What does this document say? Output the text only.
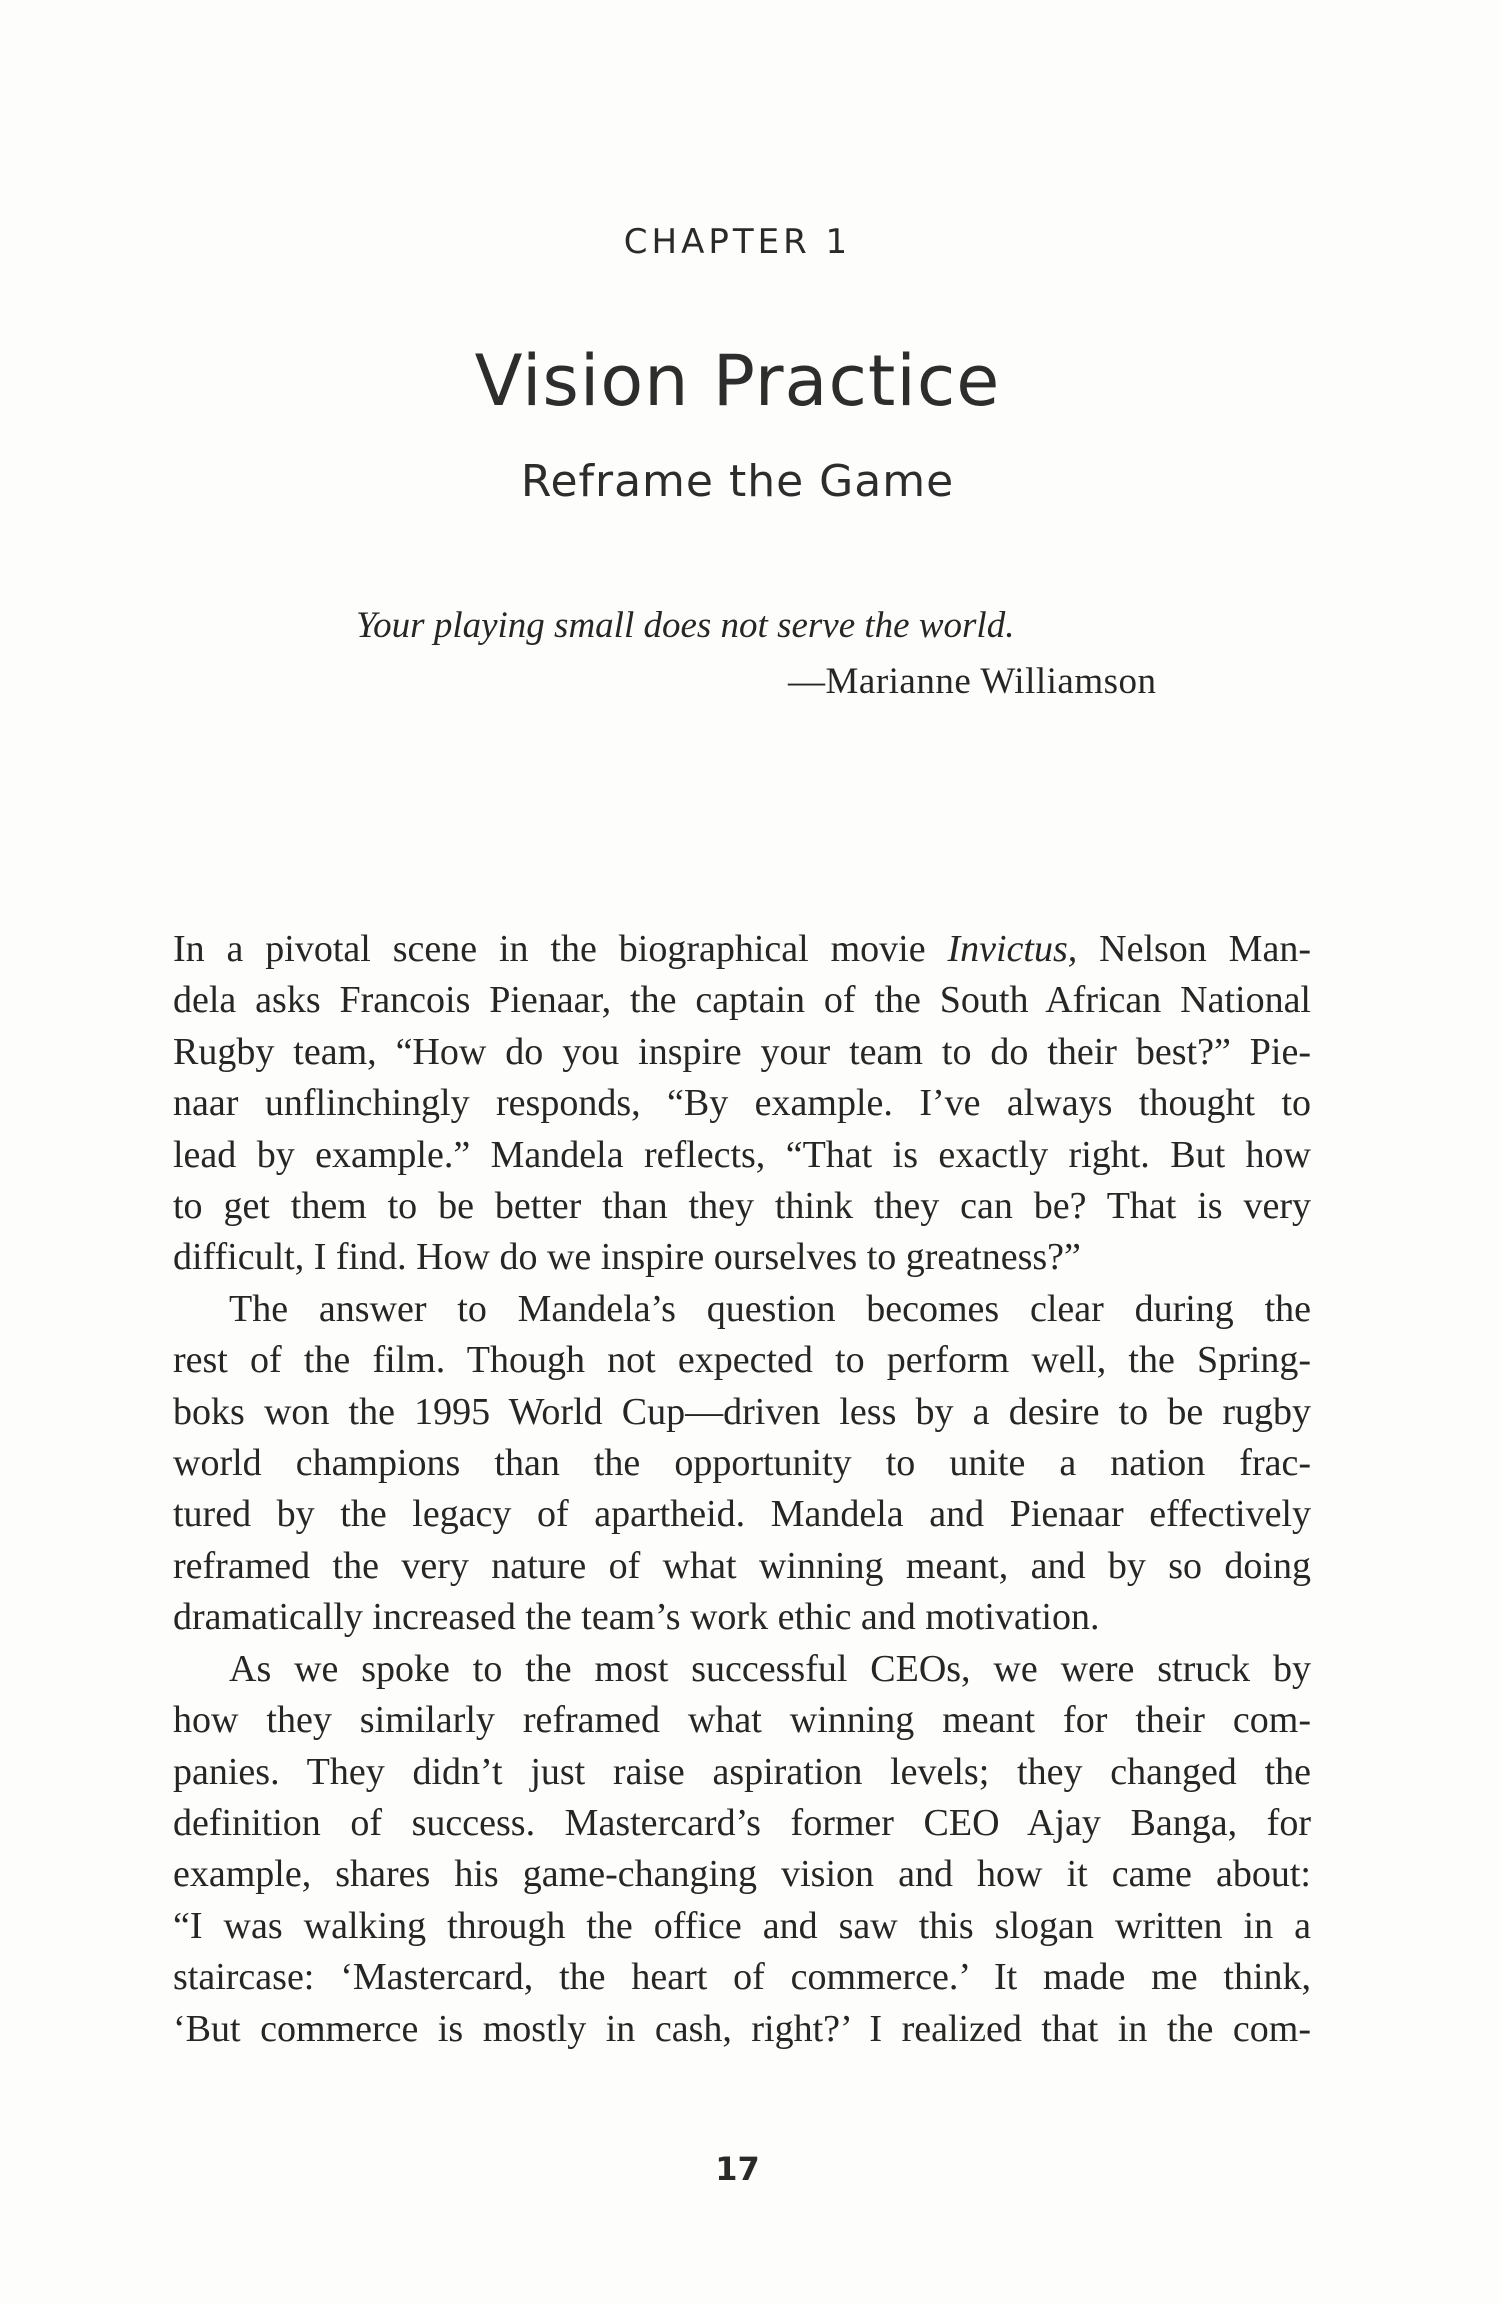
CHAPTER 1
Vision Practice
Reframe the Game
Your playing small does not serve the world.
—Marianne Williamson
In a pivotal scene in the biographical movie Invictus, Nelson Man-
dela asks Francois Pienaar, the captain of the South African National
Rugby team, “How do you inspire your team to do their best?” Pie-
naar unflinchingly responds, “By example. I’ve always thought to
lead by example.” Mandela reflects, “That is exactly right. But how
to get them to be better than they think they can be? That is very
difficult, I find. How do we inspire ourselves to greatness?”
The answer to Mandela’s question becomes clear during the
rest of the film. Though not expected to perform well, the Spring-
boks won the 1995 World Cup—driven less by a desire to be rugby
world champions than the opportunity to unite a nation frac-
tured by the legacy of apartheid. Mandela and Pienaar effectively
reframed the very nature of what winning meant, and by so doing
dramatically increased the team’s work ethic and motivation.
As we spoke to the most successful CEOs, we were struck by
how they similarly reframed what winning meant for their com-
panies. They didn’t just raise aspiration levels; they changed the
definition of success. Mastercard’s former CEO Ajay Banga, for
example, shares his game-changing vision and how it came about:
“I was walking through the office and saw this slogan written in a
staircase: ‘Mastercard, the heart of commerce.’ It made me think,
‘But commerce is mostly in cash, right?’ I realized that in the com-
17
